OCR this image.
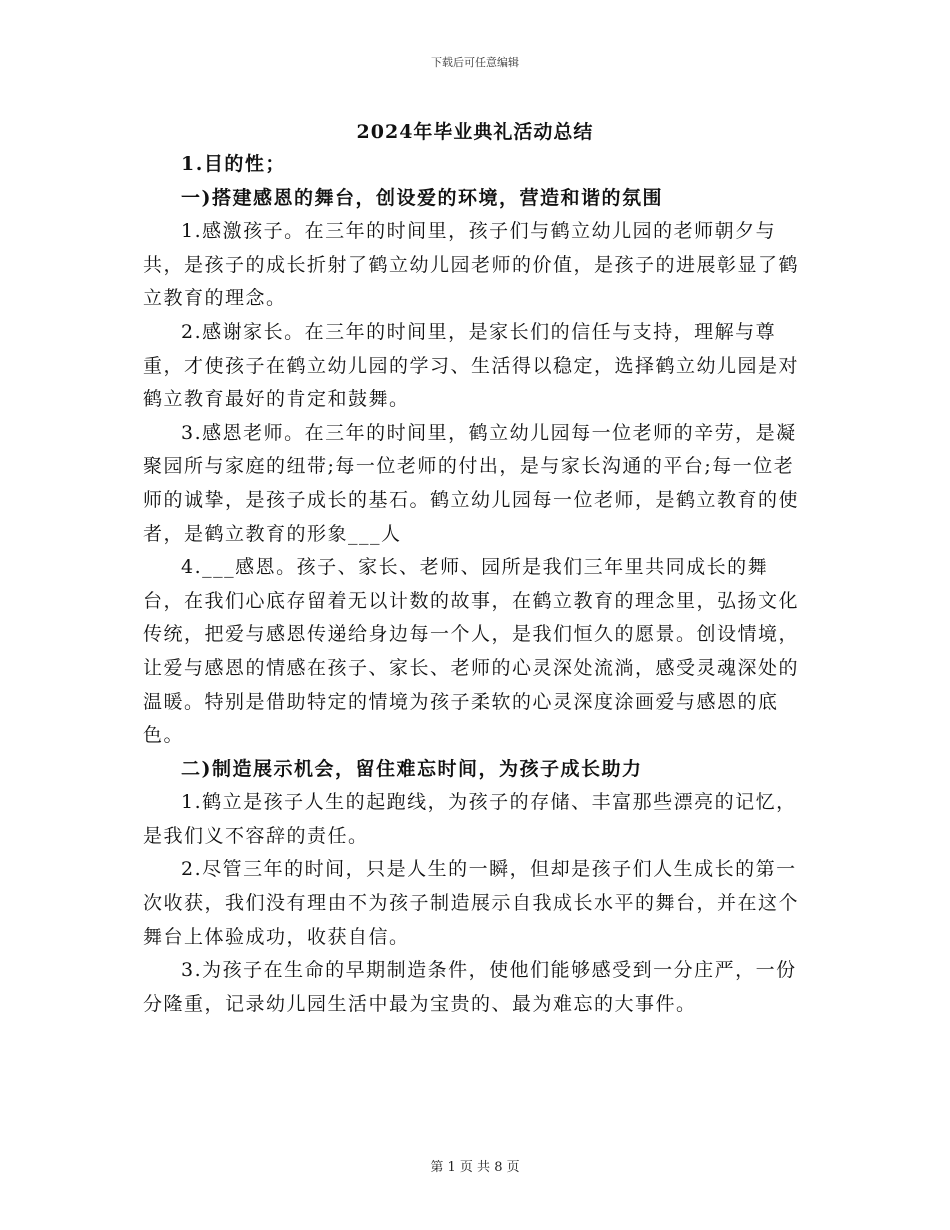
下载后可任意编辑
2024年毕业典礼活动总结

1.目的性；

一)搭建感恩的舞台，创设爱的环境，营造和谐的氛围

1.感激孩子。在三年的时间里，孩子们与鹤立幼儿园的老师朝夕与共，是孩子的成长折射了鹤立幼儿园老师的价值，是孩子的进展彰显了鹤立教育的理念。

2.感谢家长。在三年的时间里，是家长们的信任与支持，理解与尊重，才使孩子在鹤立幼儿园的学习、生活得以稳定，选择鹤立幼儿园是对鹤立教育最好的肯定和鼓舞。

3.感恩老师。在三年的时间里，鹤立幼儿园每一位老师的辛劳，是凝聚园所与家庭的纽带;每一位老师的付出，是与家长沟通的平台;每一位老师的诚挚，是孩子成长的基石。鹤立幼儿园每一位老师，是鹤立教育的使者，是鹤立教育的形象___人

4.___感恩。孩子、家长、老师、园所是我们三年里共同成长的舞台，在我们心底存留着无以计数的故事，在鹤立教育的理念里，弘扬文化传统，把爱与感恩传递给身边每一个人，是我们恒久的愿景。创设情境，让爱与感恩的情感在孩子、家长、老师的心灵深处流淌，感受灵魂深处的温暖。特别是借助特定的情境为孩子柔软的心灵深度涂画爱与感恩的底色。

二)制造展示机会，留住难忘时间，为孩子成长助力

1.鹤立是孩子人生的起跑线，为孩子的存储、丰富那些漂亮的记忆，是我们义不容辞的责任。

2.尽管三年的时间，只是人生的一瞬，但却是孩子们人生成长的第一次收获，我们没有理由不为孩子制造展示自我成长水平的舞台，并在这个舞台上体验成功，收获自信。

3.为孩子在生命的早期制造条件，使他们能够感受到一分庄严，一份分隆重，记录幼儿园生活中最为宝贵的、最为难忘的大事件。

第 1 页 共 8 页
